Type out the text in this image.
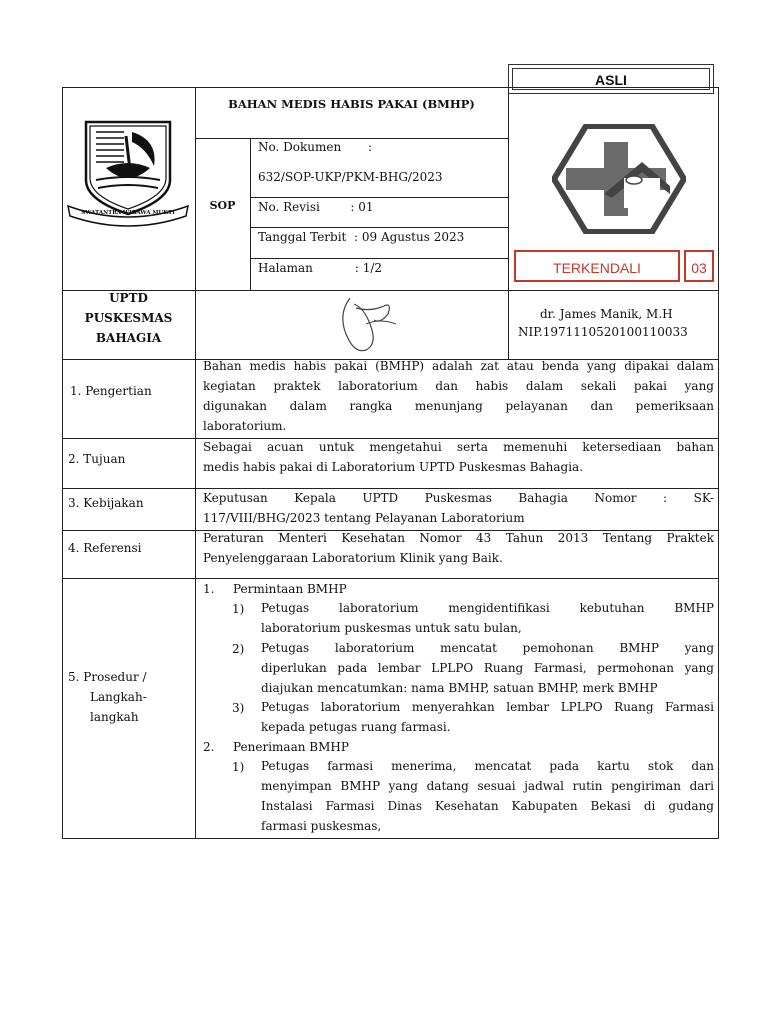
ASLI
SWATANTRA WIBAWA MUKTI
BAHAN MEDIS HABIS PAKAI (BMHP)
SOP
No. Dokumen :
632/SOP-UKP/PKM-BHG/2023
No. Revisi        : 01
Tanggal Terbit  : 09 Agustus 2023
Halaman           : 1/2	TERKENDALI	03
UPTD
PUSKESMAS
BAHAGIA
dr. James Manik, M.H
NIP.197111052010011003​3
1. Pengertian
2. Tujuan
3. Kebijakan
4. Referensi
5. Prosedur /
Langkah-
langkah
Bahan medis habis pakai (BMHP) adalah zat atau benda yang dipakai dalam
kegiatan praktek laboratorium dan habis dalam sekali pakai yang
digunakan dalam rangka menunjang pelayanan dan pemeriksaan
laboratorium.
Sebagai acuan untuk mengetahui serta memenuhi ketersediaan bahan
medis habis pakai di Laboratorium UPTD Puskesmas Bahagia.
Keputusan Kepala UPTD Puskesmas Bahagia Nomor : SK-
117/VIII/BHG/2023 tentang Pelayanan Laboratorium
Peraturan Menteri Kesehatan Nomor 43 Tahun 2013 Tentang Praktek
Penyelenggaraan Laboratorium Klinik yang Baik.
1. Permintaan BMHP
1) Petugas laboratorium mengidentifikasi kebutuhan BMHP
laboratorium puskesmas untuk satu bulan,
2) Petugas laboratorium mencatat pemohonan BMHP yang
diperlukan pada lembar LPLPO Ruang Farmasi, permohonan yang
diajukan mencatumkan: nama BMHP, satuan BMHP, merk BMHP
3) Petugas laboratorium menyerahkan lembar LPLPO Ruang Farmasi
kepada petugas ruang farmasi.
2. Penerimaan BMHP
1) Petugas farmasi menerima, mencatat pada kartu stok dan
menyimpan BMHP yang datang sesuai jadwal rutin pengiriman dari
Instalasi Farmasi Dinas Kesehatan Kabupaten Bekasi di gudang
farmasi puskesmas,
